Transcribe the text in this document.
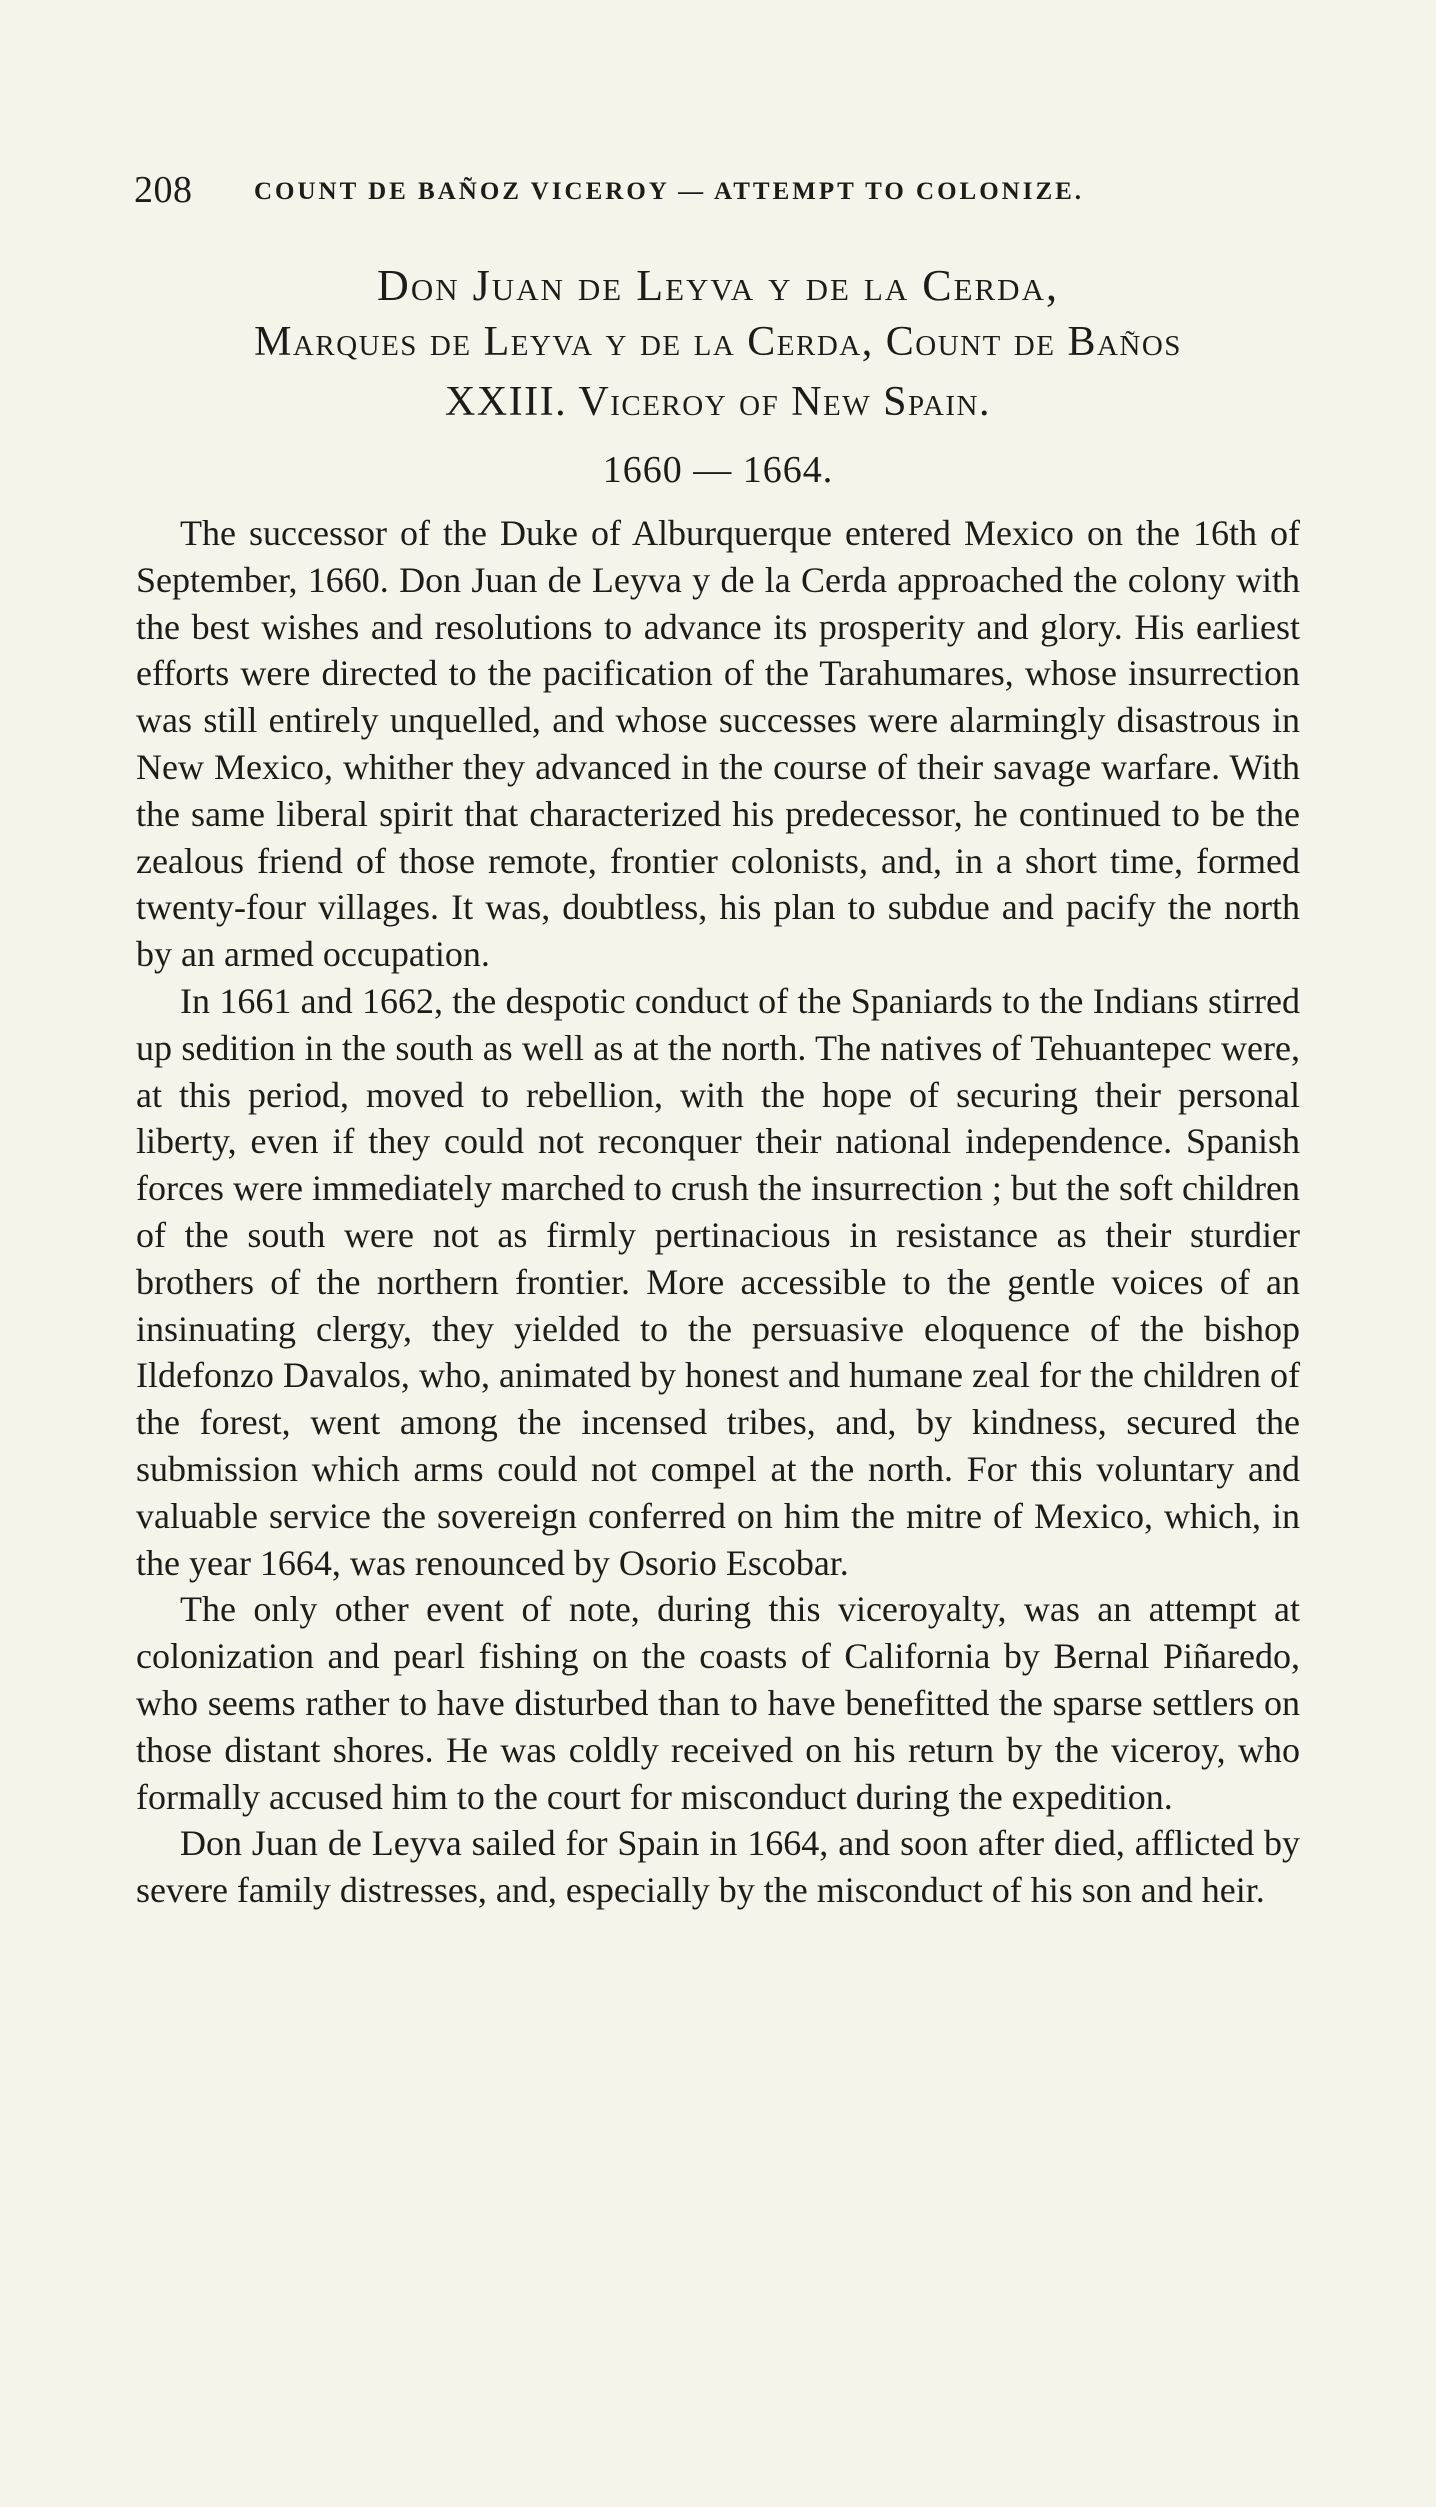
208 COUNT DE BAÑOZ VICEROY — ATTEMPT TO COLONIZE.
Don Juan de Leyva y de la Cerda,
Marques de Leyva y de la Cerda, Count de Baños
XXIII. Viceroy of New Spain.
1660 — 1664.

The successor of the Duke of Alburquerque entered Mexico on the 16th of September, 1660. Don Juan de Leyva y de la Cerda approached the colony with the best wishes and resolutions to advance its prosperity and glory. His earliest efforts were directed to the pacification of the Tarahumares, whose insurrection was still entirely unquelled, and whose successes were alarmingly disastrous in New Mexico, whither they advanced in the course of their savage warfare. With the same liberal spirit that characterized his predecessor, he continued to be the zealous friend of those remote, frontier colonists, and, in a short time, formed twenty-four villages. It was, doubtless, his plan to subdue and pacify the north by an armed occupation.

In 1661 and 1662, the despotic conduct of the Spaniards to the Indians stirred up sedition in the south as well as at the north. The natives of Tehuantepec were, at this period, moved to rebellion, with the hope of securing their personal liberty, even if they could not reconquer their national independence. Spanish forces were immediately marched to crush the insurrection ; but the soft children of the south were not as firmly pertinacious in resistance as their sturdier brothers of the northern frontier. More accessible to the gentle voices of an insinuating clergy, they yielded to the persuasive eloquence of the bishop Ildefonzo Davalos, who, animated by honest and humane zeal for the children of the forest, went among the incensed tribes, and, by kindness, secured the submission which arms could not compel at the north. For this voluntary and valuable service the sovereign conferred on him the mitre of Mexico, which, in the year 1664, was renounced by Osorio Escobar.

The only other event of note, during this viceroyalty, was an attempt at colonization and pearl fishing on the coasts of California by Bernal Piñaredo, who seems rather to have disturbed than to have benefitted the sparse settlers on those distant shores. He was coldly received on his return by the viceroy, who formally accused him to the court for misconduct during the expedition.

Don Juan de Leyva sailed for Spain in 1664, and soon after died, afflicted by severe family distresses, and, especially by the misconduct of his son and heir.
